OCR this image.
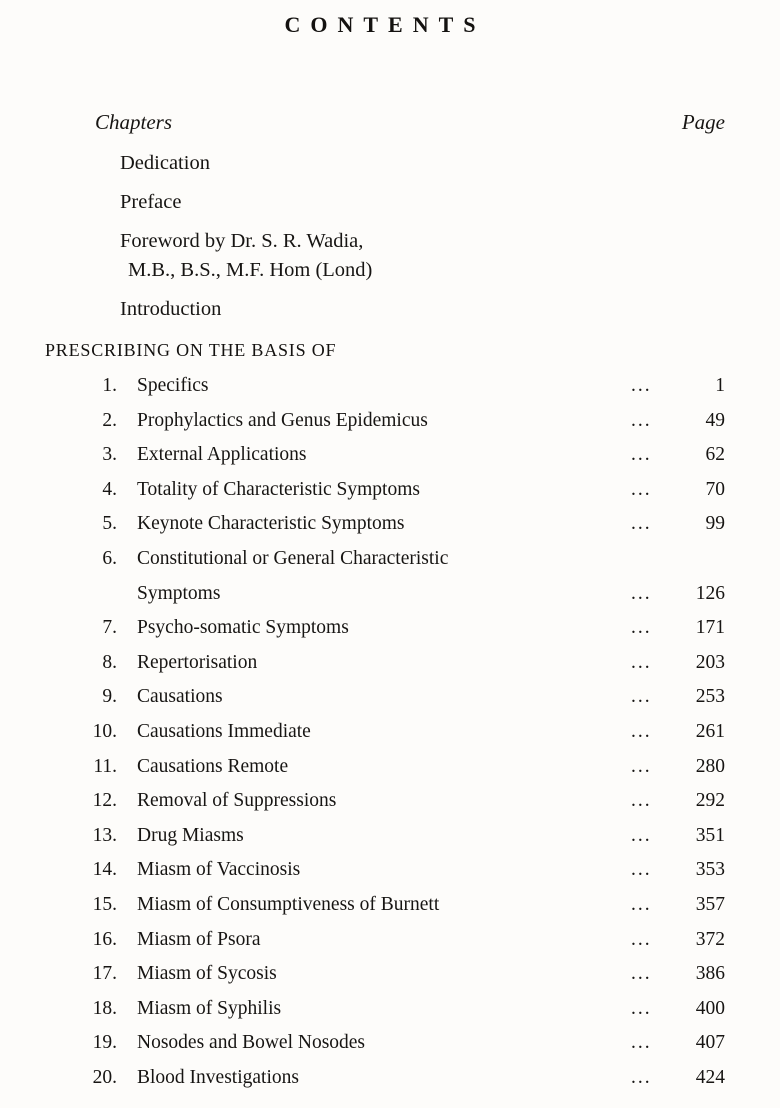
CONTENTS
Chapters	Page
Dedication
Preface
Foreword by Dr. S. R. Wadia,
M.B., B.S., M.F. Hom (Lond)
Introduction
PRESCRIBING ON THE BASIS OF
1. Specifics	...	1
2. Prophylactics and Genus Epidemicus	...	49
3. External Applications	...	62
4. Totality of Characteristic Symptoms	...	70
5. Keynote Characteristic Symptoms	...	99
6. Constitutional or General Characteristic
Symptoms	...	126
7. Psycho-somatic Symptoms	...	171
8. Repertorisation	...	203
9. Causations	...	253
10. Causations Immediate	...	261
11. Causations Remote	...	280
12. Removal of Suppressions	...	292
13. Drug Miasms	...	351
14. Miasm of Vaccinosis	...	353
15. Miasm of Consumptiveness of Burnett	...	357
16. Miasm of Psora	...	372
17. Miasm of Sycosis	...	386
18. Miasm of Syphilis	...	400
19. Nosodes and Bowel Nosodes	...	407
20. Blood Investigations	...	424
